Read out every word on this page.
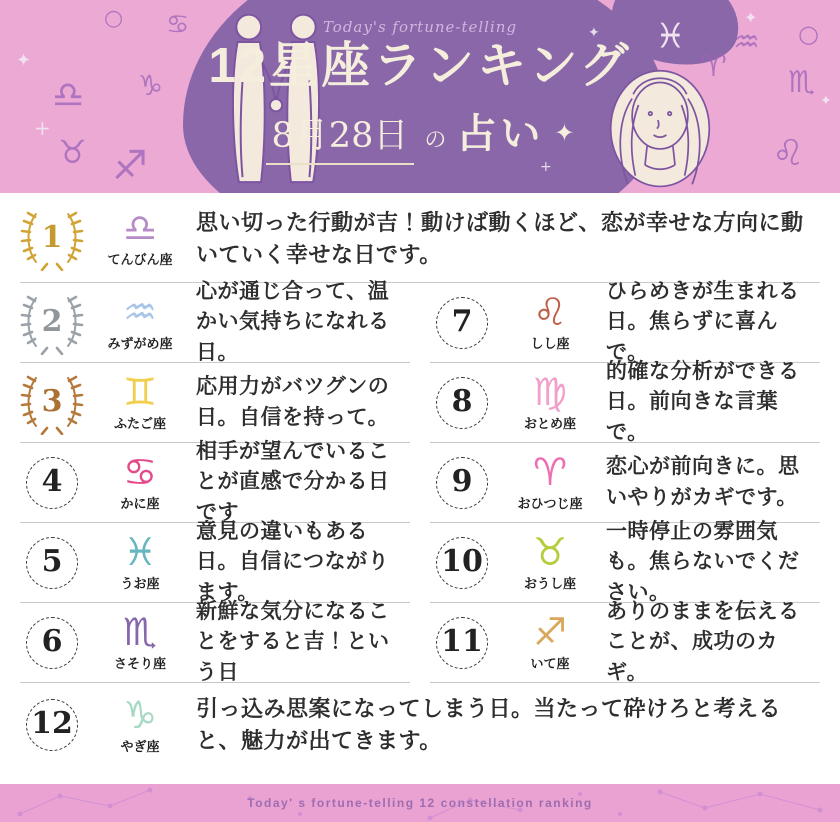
♓
♎
♉ ♐
♑
♋
○
✦
+
♒
♏
♌
♈
○
✦
✦
✦
+
Today's fortune-telling
12星座ランキング
8月28日 の 占い ✦
1 ♎
てんびん座

思い切った行動が吉！動けば動くほど、恋が幸せな方向に動いていく幸せな日です。

2 ♒
みずがめ座

心が通じ合って、温かい気持ちになれる日。

3 ♊
ふたご座

応用力がバツグンの日。自信を持って。

4 ♋
かに座

相手が望んでいることが直感で分かる日です

5 ♓
うお座

意見の違いもある日。自信につながります。

6 ♏
さそり座

新鮮な気分になることをすると吉！という日

7 ♌
しし座

ひらめきが生まれる日。焦らずに喜んで。

8 ♍
おとめ座

的確な分析ができる日。前向きな言葉で。

9 ♈
おひつじ座

恋心が前向きに。思いやりがカギです。

10 ♉
おうし座

一時停止の雰囲気も。焦らないでください。

11 ♐
いて座

ありのままを伝えることが、成功のカギ。

12 ♑
やぎ座

引っ込み思案になってしまう日。当たって砕けろと考えると、魅力が出てきます。

Today' s fortune-telling 12 constellation ranking
